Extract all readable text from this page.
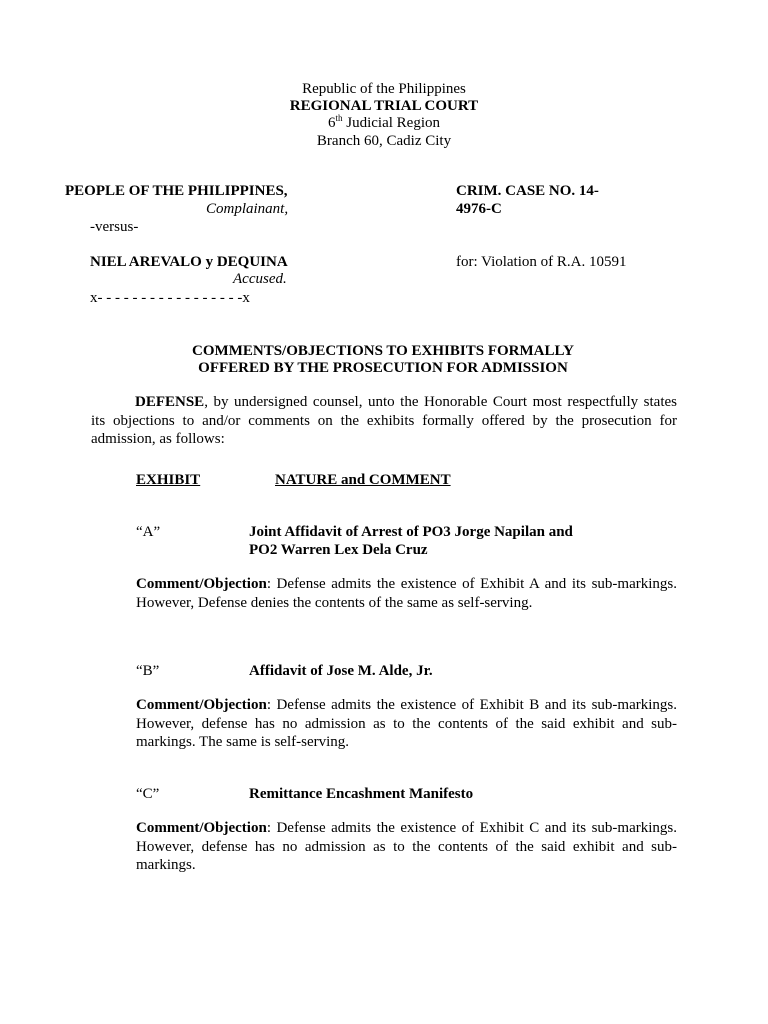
Republic of the Philippines
REGIONAL TRIAL COURT
6th Judicial Region
Branch 60, Cadiz City
PEOPLE OF THE PHILIPPINES,
Complainant,
-versus-
NIEL AREVALO y DEQUINA
Accused.
x- - - - - - - - - - - - - - - - -x
CRIM. CASE NO. 14-
4976-C
for: Violation of R.A. 10591
COMMENTS/OBJECTIONS TO EXHIBITS FORMALLY
OFFERED BY THE PROSECUTION FOR ADMISSION
DEFENSE, by undersigned counsel, unto the Honorable Court most respectfully states its objections to and/or comments on the exhibits formally offered by the prosecution for admission, as follows:
EXHIBIT	NATURE and COMMENT
“A”	Joint Affidavit of Arrest of PO3 Jorge Napilan and
PO2 Warren Lex Dela Cruz
Comment/Objection: Defense admits the existence of Exhibit A and its sub-markings. However, Defense denies the contents of the same as self-serving.
“B”	Affidavit of Jose M. Alde, Jr.
Comment/Objection: Defense admits the existence of Exhibit B and its sub-markings. However, defense has no admission as to the contents of the said exhibit and sub-markings. The same is self-serving.
“C”	Remittance Encashment Manifesto
Comment/Objection: Defense admits the existence of Exhibit C and its sub-markings. However, defense has no admission as to the contents of the said exhibit and sub-markings.
